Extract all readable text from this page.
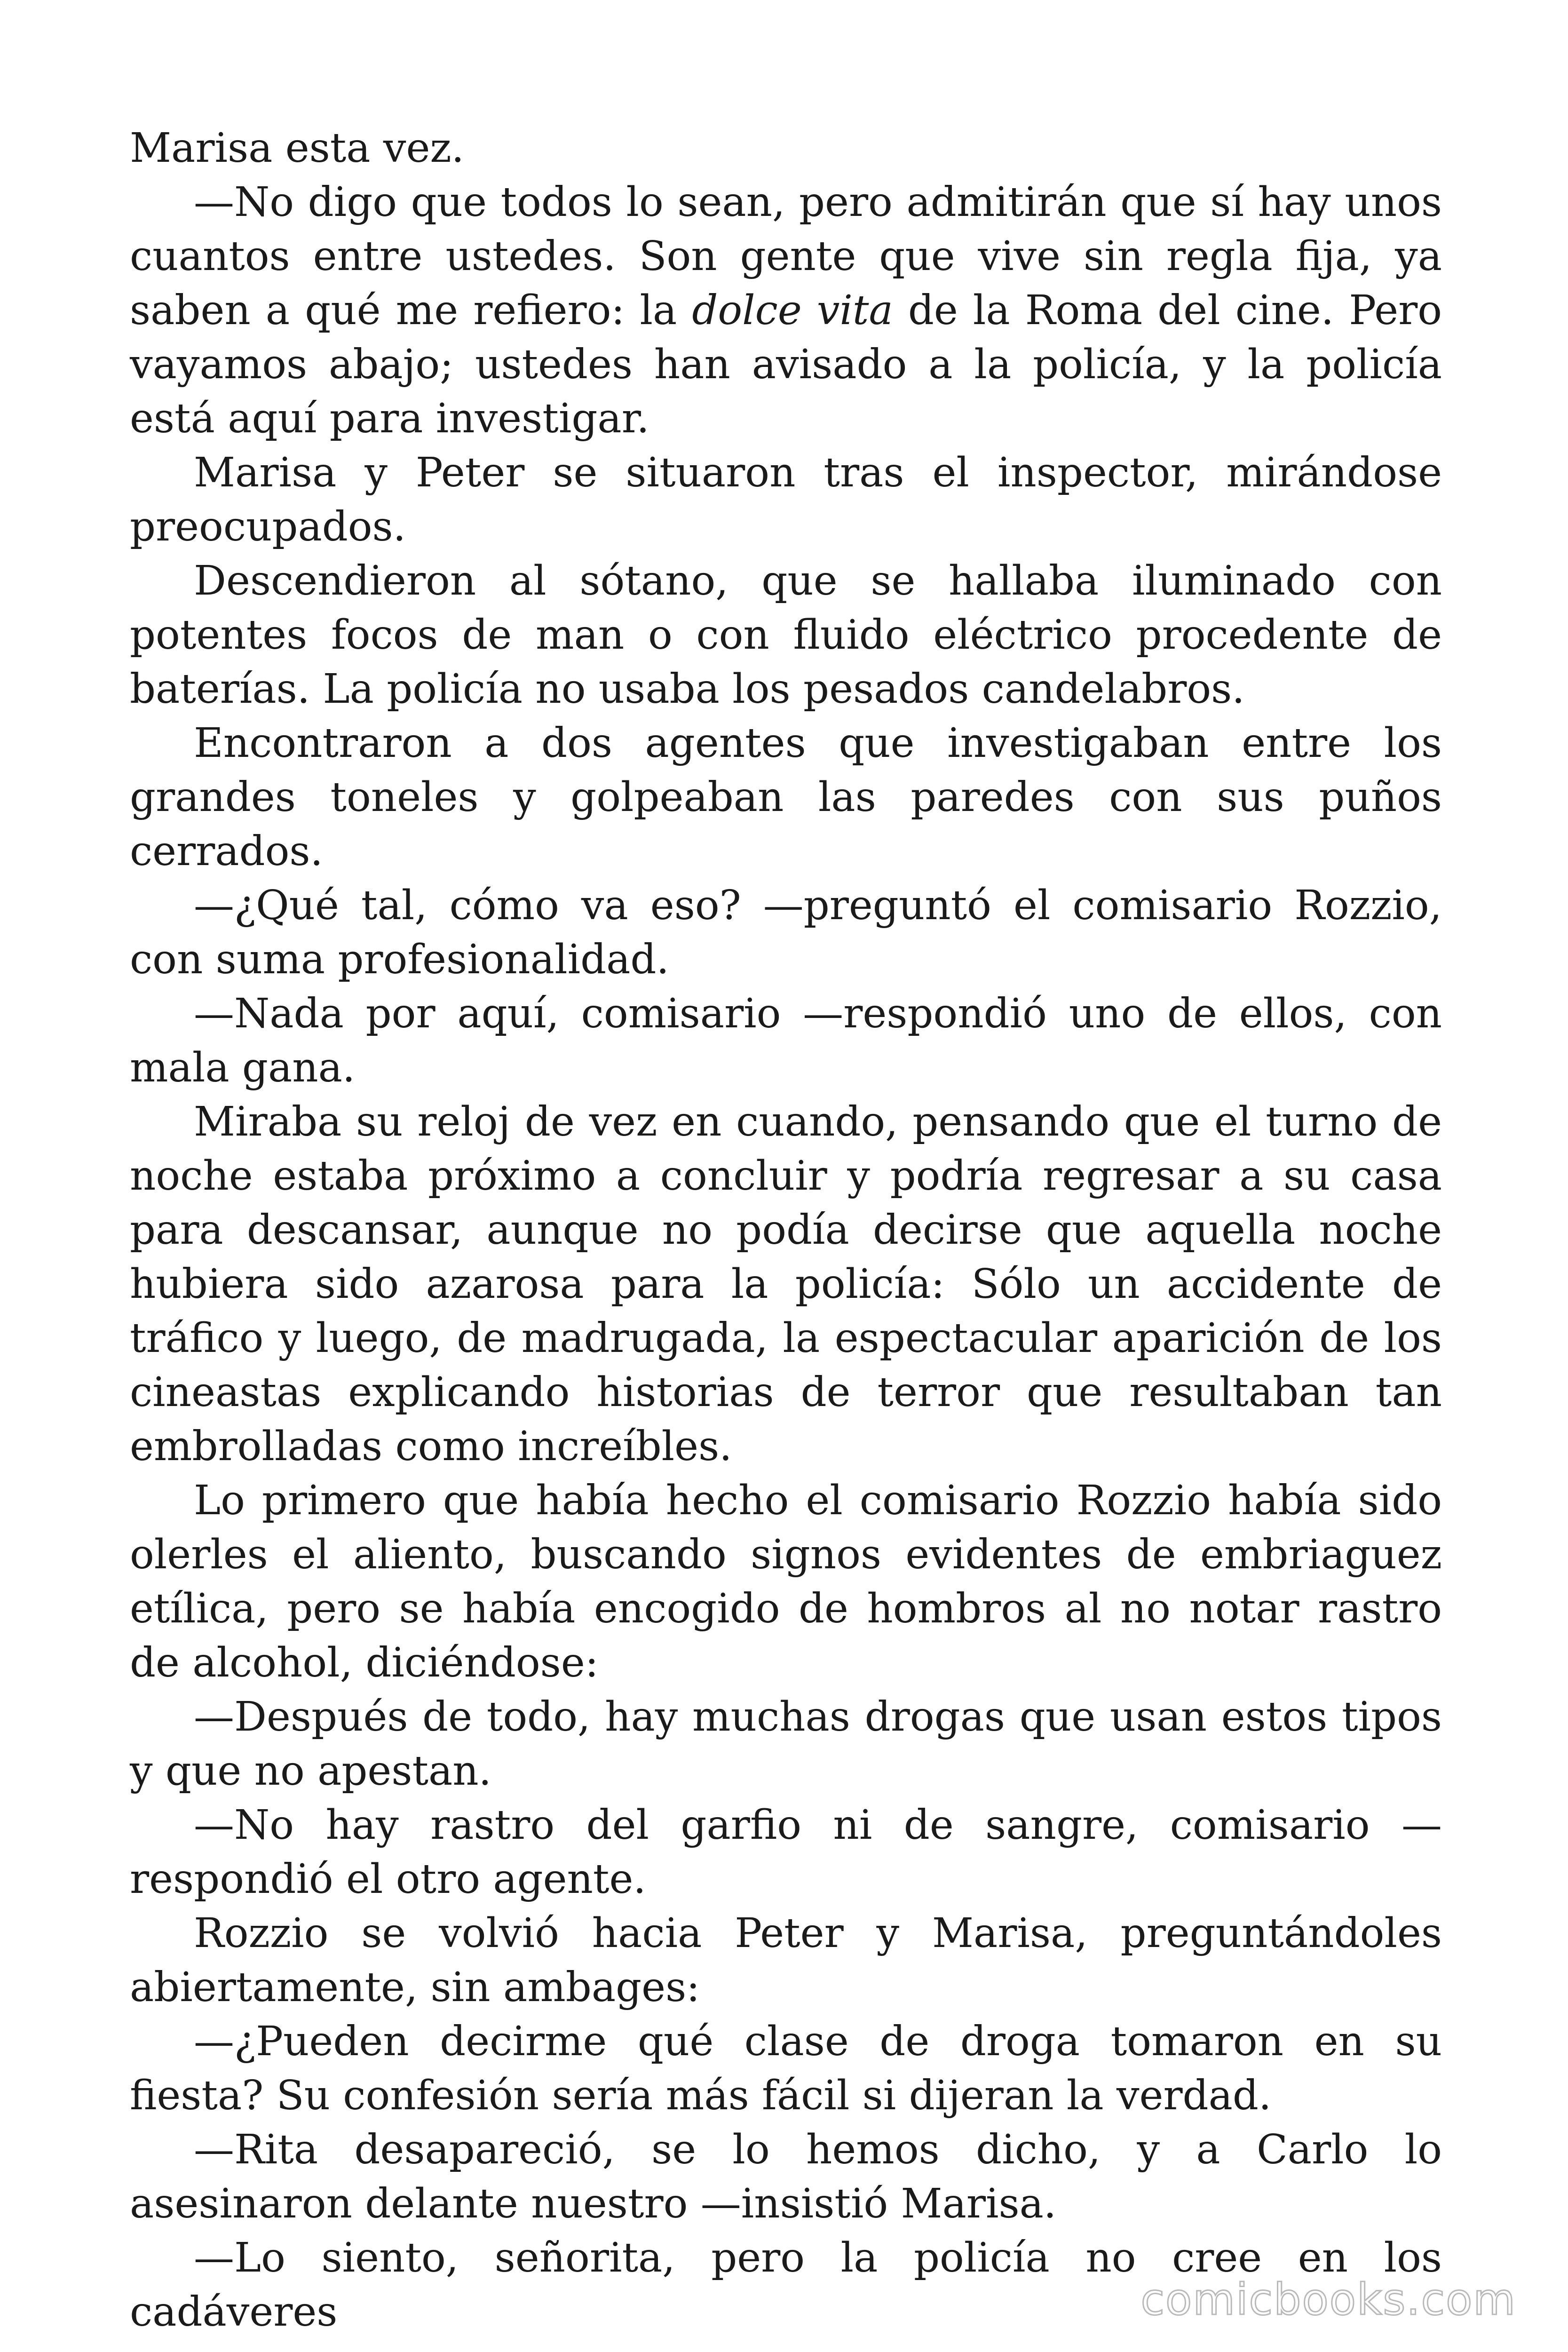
Marisa esta vez.

—No digo que todos lo sean, pero admitirán que sí hay unos cuantos entre ustedes. Son gente que vive sin regla fija, ya saben a qué me refiero: la dolce vita de la Roma del cine. Pero vayamos abajo; ustedes han avisado a la policía, y la policía está aquí para investigar.

Marisa y Peter se situaron tras el inspector, mirándose preocupados.

Descendieron al sótano, que se hallaba iluminado con potentes focos de man o con fluido eléctrico procedente de baterías. La policía no usaba los pesados candelabros.

Encontraron a dos agentes que investigaban entre los grandes toneles y golpeaban las paredes con sus puños cerrados.

—¿Qué tal, cómo va eso? —preguntó el comisario Rozzio, con suma profesionalidad.

—Nada por aquí, comisario —respondió uno de ellos, con mala gana.

Miraba su reloj de vez en cuando, pensando que el turno de noche estaba próximo a concluir y podría regresar a su casa para descansar, aunque no podía decirse que aquella noche hubiera sido azarosa para la policía: Sólo un accidente de tráfico y luego, de madrugada, la espectacular aparición de los cineastas explicando historias de terror que resultaban tan embrolladas como increíbles.

Lo primero que había hecho el comisario Rozzio había sido olerles el aliento, buscando signos evidentes de embriaguez etílica, pero se había encogido de hombros al no notar rastro de alcohol, diciéndose:

—Después de todo, hay muchas drogas que usan estos tipos y que no apestan.

—No hay rastro del garfio ni de sangre, comisario —respondió el otro agente.

Rozzio se volvió hacia Peter y Marisa, preguntándoles abiertamente, sin ambages:

—¿Pueden decirme qué clase de droga tomaron en su fiesta? Su confesión sería más fácil si dijeran la verdad.

—Rita desapareció, se lo hemos dicho, y a Carlo lo asesinaron delante nuestro —insistió Marisa.

—Lo siento, señorita, pero la policía no cree en los cadáveres	comicbooks.com
